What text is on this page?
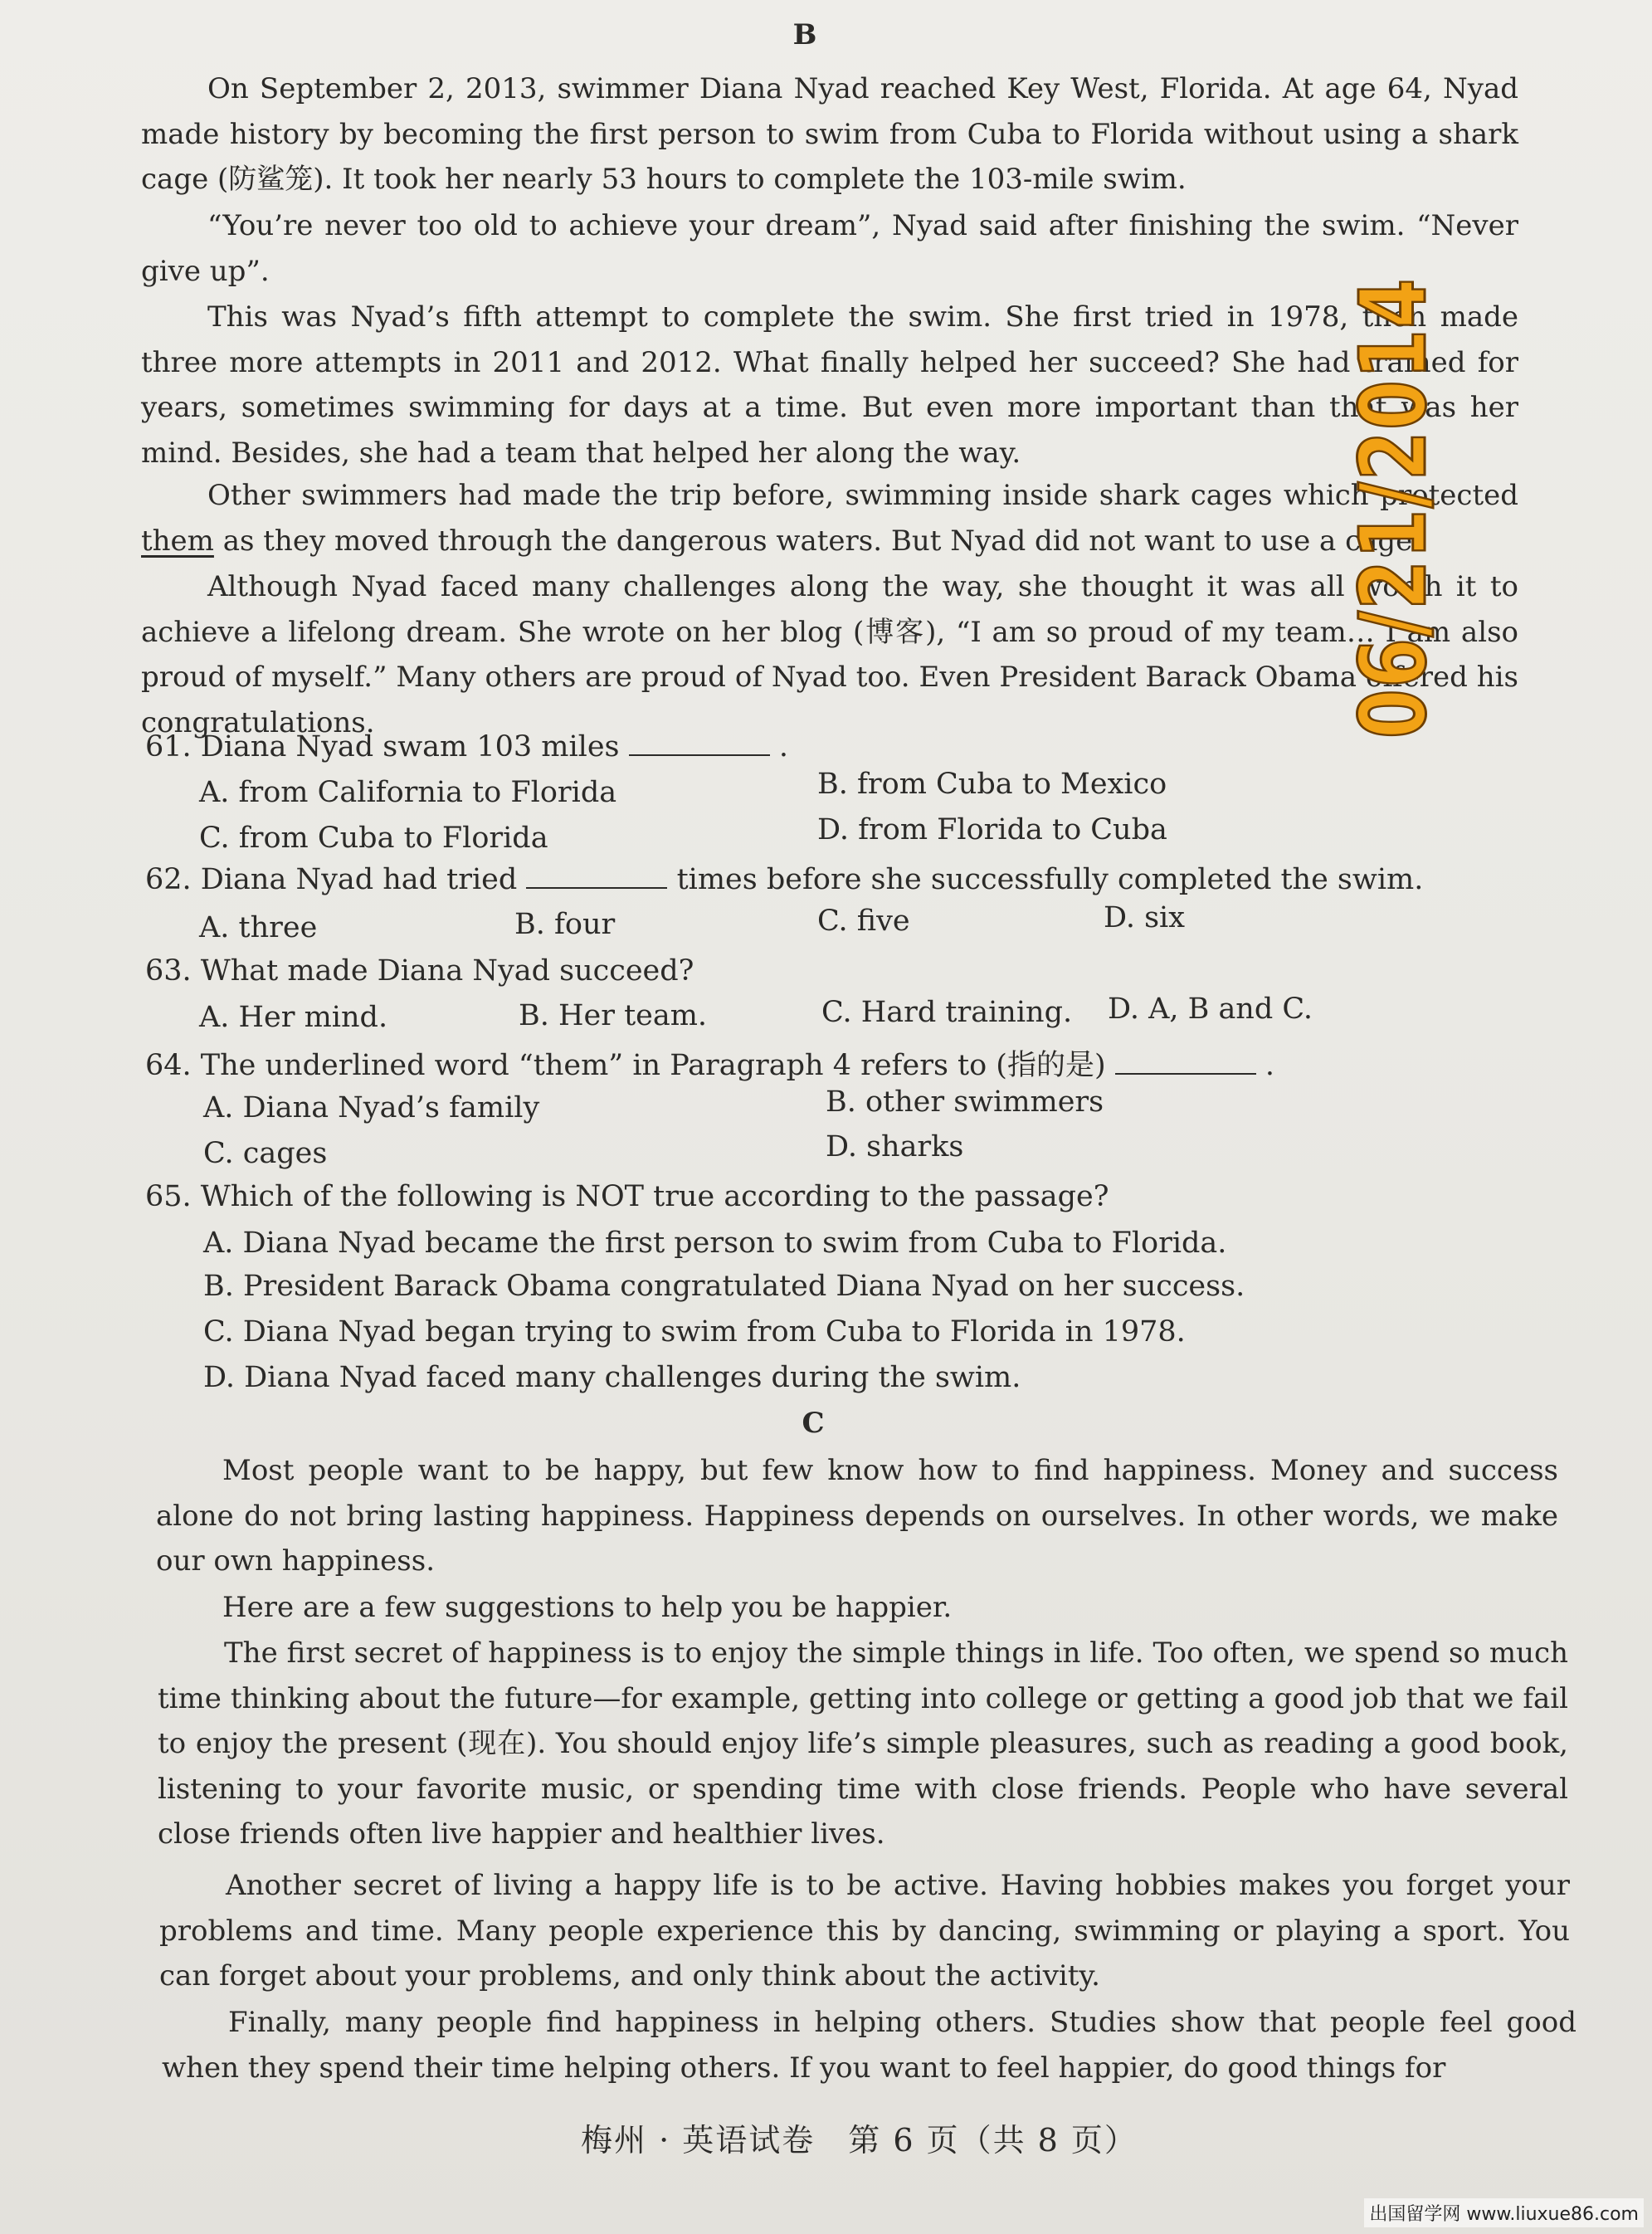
B

On September 2, 2013, swimmer Diana Nyad reached Key West, Florida. At age 64, Nyad made history by becoming the first person to swim from Cuba to Florida without using a shark cage (防鲨笼). It took her nearly 53 hours to complete the 103-mile swim.

“You’re never too old to achieve your dream”, Nyad said after finishing the swim. “Never give up”.

This was Nyad’s fifth attempt to complete the swim. She first tried in 1978, then made three more attempts in 2011 and 2012. What finally helped her succeed? She had trained for years, sometimes swimming for days at a time. But even more important than that was her mind. Besides, she had a team that helped her along the way.

Other swimmers had made the trip before, swimming inside shark cages which protected them as they moved through the dangerous waters. But Nyad did not want to use a cage.

Although Nyad faced many challenges along the way, she thought it was all worth it to achieve a lifelong dream. She wrote on her blog (博客), “I am so proud of my team… I am also proud of myself.” Many others are proud of Nyad too. Even President Barack Obama offered his congratulations.

61. Diana Nyad swam 103 miles	.

A. from California to Florida	B. from Cuba to Mexico

C. from Cuba to Florida	D. from Florida to Cuba

62. Diana Nyad had tried	times before she successfully completed the swim.

A. three	B. four	C. five	D. six

63. What made Diana Nyad succeed?

A. Her mind.	B. Her team.	C. Hard training. D. A, B and C.

64. The underlined word “them” in Paragraph 4 refers to (指的是)	.

A. Diana Nyad’s family	B. other swimmers

C. cages	D. sharks

65. Which of the following is NOT true according to the passage?

A. Diana Nyad became the first person to swim from Cuba to Florida.

B. President Barack Obama congratulated Diana Nyad on her success.

C. Diana Nyad began trying to swim from Cuba to Florida in 1978.

D. Diana Nyad faced many challenges during the swim.

C

Most people want to be happy, but few know how to find happiness. Money and success alone do not bring lasting happiness. Happiness depends on ourselves. In other words, we make our own happiness.

Here are a few suggestions to help you be happier.

The first secret of happiness is to enjoy the simple things in life. Too often, we spend so much time thinking about the future—for example, getting into college or getting a good job that we fail to enjoy the present (现在). You should enjoy life’s simple pleasures, such as reading a good book, listening to your favorite music, or spending time with close friends. People who have several close friends often live happier and healthier lives.

Another secret of living a happy life is to be active. Having hobbies makes you forget your problems and time. Many people experience this by dancing, swimming or playing a sport. You can forget about your problems, and only think about the activity.

Finally, many people find happiness in helping others. Studies show that people feel good when they spend their time helping others. If you want to feel happier, do good things for

06/21/2014
梅州 · 英语试卷　第 6 页（共 8 页）
出国留学网 www.liuxue86.com
